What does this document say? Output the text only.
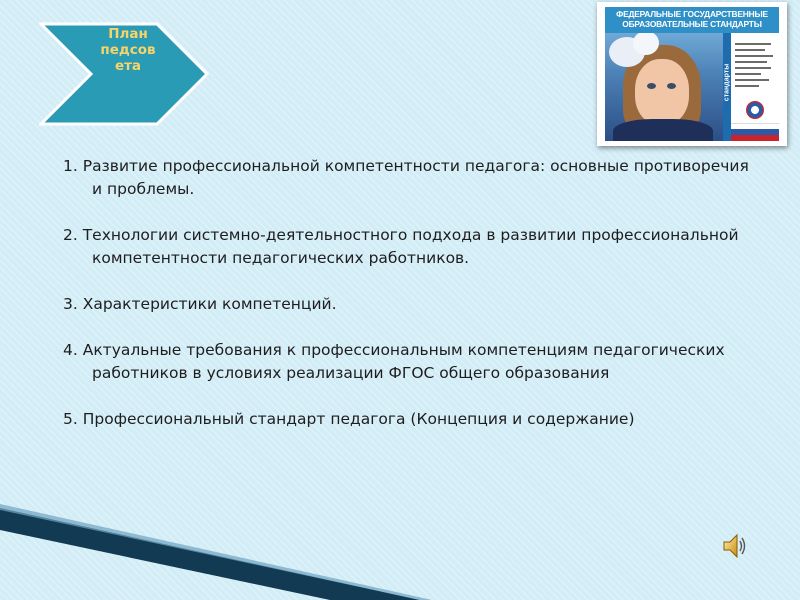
План педсовета
ФЕДЕРАЛЬНЫЕ ГОСУДАРСТВЕННЫЕ
ОБРАЗОВАТЕЛЬНЫЕ СТАНДАРТЫ
стандарты
1. Развитие профессиональной компетентности педагога: основные противоречия и проблемы.
2. Технологии системно-деятельностного подхода в развитии профессиональной компетентности педагогических работников.
3. Характеристики компетенций.
4. Актуальные требования к профессиональным компетенциям педагогических работников в условиях реализации ФГОС общего образования
5. Профессиональный стандарт педагога (Концепция и содержание)
